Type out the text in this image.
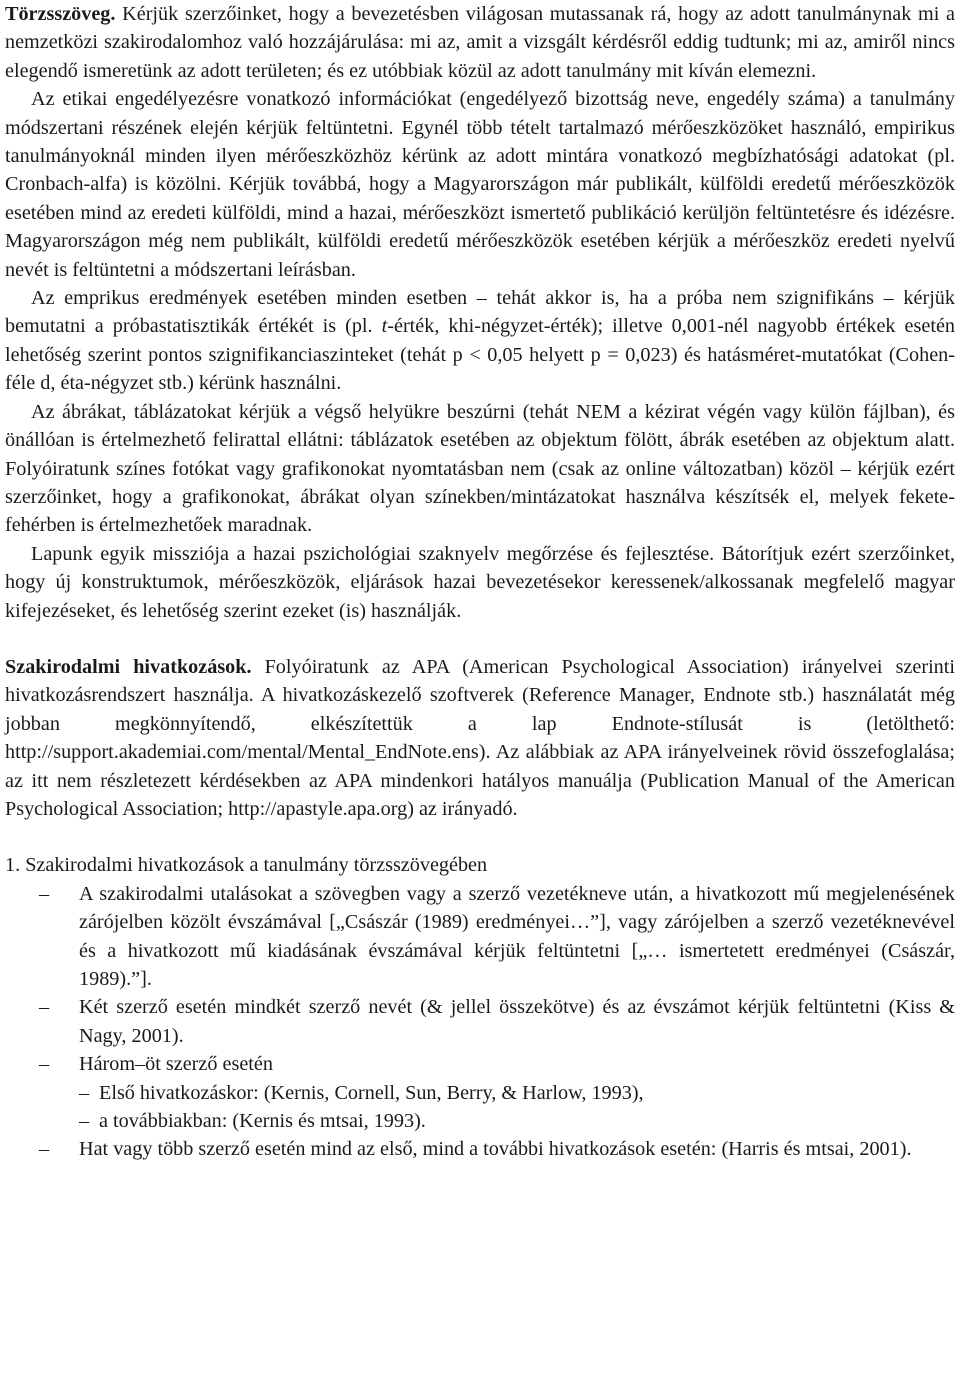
Törzsszöveg. Kérjük szerzőinket, hogy a bevezetésben világosan mutassanak rá, hogy az adott tanulmánynak mi a nemzetközi szakirodalomhoz való hozzájárulása: mi az, amit a vizsgált kérdésről eddig tudtunk; mi az, amiről nincs elegendő ismeretünk az adott területen; és ez utóbbiak közül az adott tanulmány mit kíván elemezni.

Az etikai engedélyezésre vonatkozó információkat (engedélyező bizottság neve, engedély száma) a tanulmány módszertani részének elején kérjük feltüntetni. Egynél több tételt tartalmazó mérőeszközöket használó, empirikus tanulmányoknál minden ilyen mérőeszközhöz kérünk az adott mintára vonatkozó megbízhatósági adatokat (pl. Cronbach-alfa) is közölni. Kérjük továbbá, hogy a Magyarországon már publikált, külföldi eredetű mérőeszközök esetében mind az eredeti külföldi, mind a hazai, mérőeszközt ismertető publikáció kerüljön feltüntetésre és idézésre. Magyarországon még nem publikált, külföldi eredetű mérőeszközök esetében kérjük a mérőeszköz eredeti nyelvű nevét is feltüntetni a módszertani leírásban.

Az emprikus eredmények esetében minden esetben – tehát akkor is, ha a próba nem szignifikáns – kérjük bemutatni a próbastatisztikák értékét is (pl. t-érték, khi-négyzet-érték); illetve 0,001-nél nagyobb értékek esetén lehetőség szerint pontos szignifikanciaszinteket (tehát p < 0,05 helyett p = 0,023) és hatásméret-mutatókat (Cohen-féle d, éta-négyzet stb.) kérünk használni.

Az ábrákat, táblázatokat kérjük a végső helyükre beszúrni (tehát NEM a kézirat végén vagy külön fájlban), és önállóan is értelmezhető felirattal ellátni: táblázatok esetében az objektum fölött, ábrák esetében az objektum alatt. Folyóiratunk színes fotókat vagy grafikonokat nyomtatásban nem (csak az online változatban) közöl – kérjük ezért szerzőinket, hogy a grafikonokat, ábrákat olyan színekben/mintázatokat használva készítsék el, melyek fekete-fehérben is értelmezhetőek maradnak.

Lapunk egyik missziója a hazai pszichológiai szaknyelv megőrzése és fejlesztése. Bátorítjuk ezért szerzőinket, hogy új konstruktumok, mérőeszközök, eljárások hazai bevezetésekor keressenek/alkossanak megfelelő magyar kifejezéseket, és lehetőség szerint ezeket (is) használják.

Szakirodalmi hivatkozások. Folyóiratunk az APA (American Psychological Association) irányelvei szerinti hivatkozásrendszert használja. A hivatkozáskezelő szoftverek (Reference Manager, Endnote stb.) használatát még jobban megkönnyítendő, elkészítettük a lap Endnote-stílusát is (letölthető: http://support.akademiai.com/mental/Mental_EndNote.ens). Az alábbiak az APA irányelveinek rövid összefoglalása; az itt nem részletezett kérdésekben az APA mindenkori hatályos manuálja (Publication Manual of the American Psychological Association; http://apastyle.apa.org) az irányadó.

1. Szakirodalmi hivatkozások a tanulmány törzsszövegében

– A szakirodalmi utalásokat a szövegben vagy a szerző vezetékneve után, a hivatkozott mű megjelenésének zárójelben közölt évszámával [„Császár (1989) eredményei…”], vagy zárójelben a szerző vezetéknevével és a hivatkozott mű kiadásának évszámával kérjük feltüntetni [„… ismertetett eredményei (Császár, 1989).”].
– Két szerző esetén mindkét szerző nevét (& jellel összekötve) és az évszámot kérjük feltüntetni (Kiss & Nagy, 2001).
– Három–öt szerző esetén
– Első hivatkozáskor: (Kernis, Cornell, Sun, Berry, & Harlow, 1993),
– a továbbiakban: (Kernis és mtsai, 1993).
– Hat vagy több szerző esetén mind az első, mind a további hivatkozások esetén: (Harris és mtsai, 2001).
